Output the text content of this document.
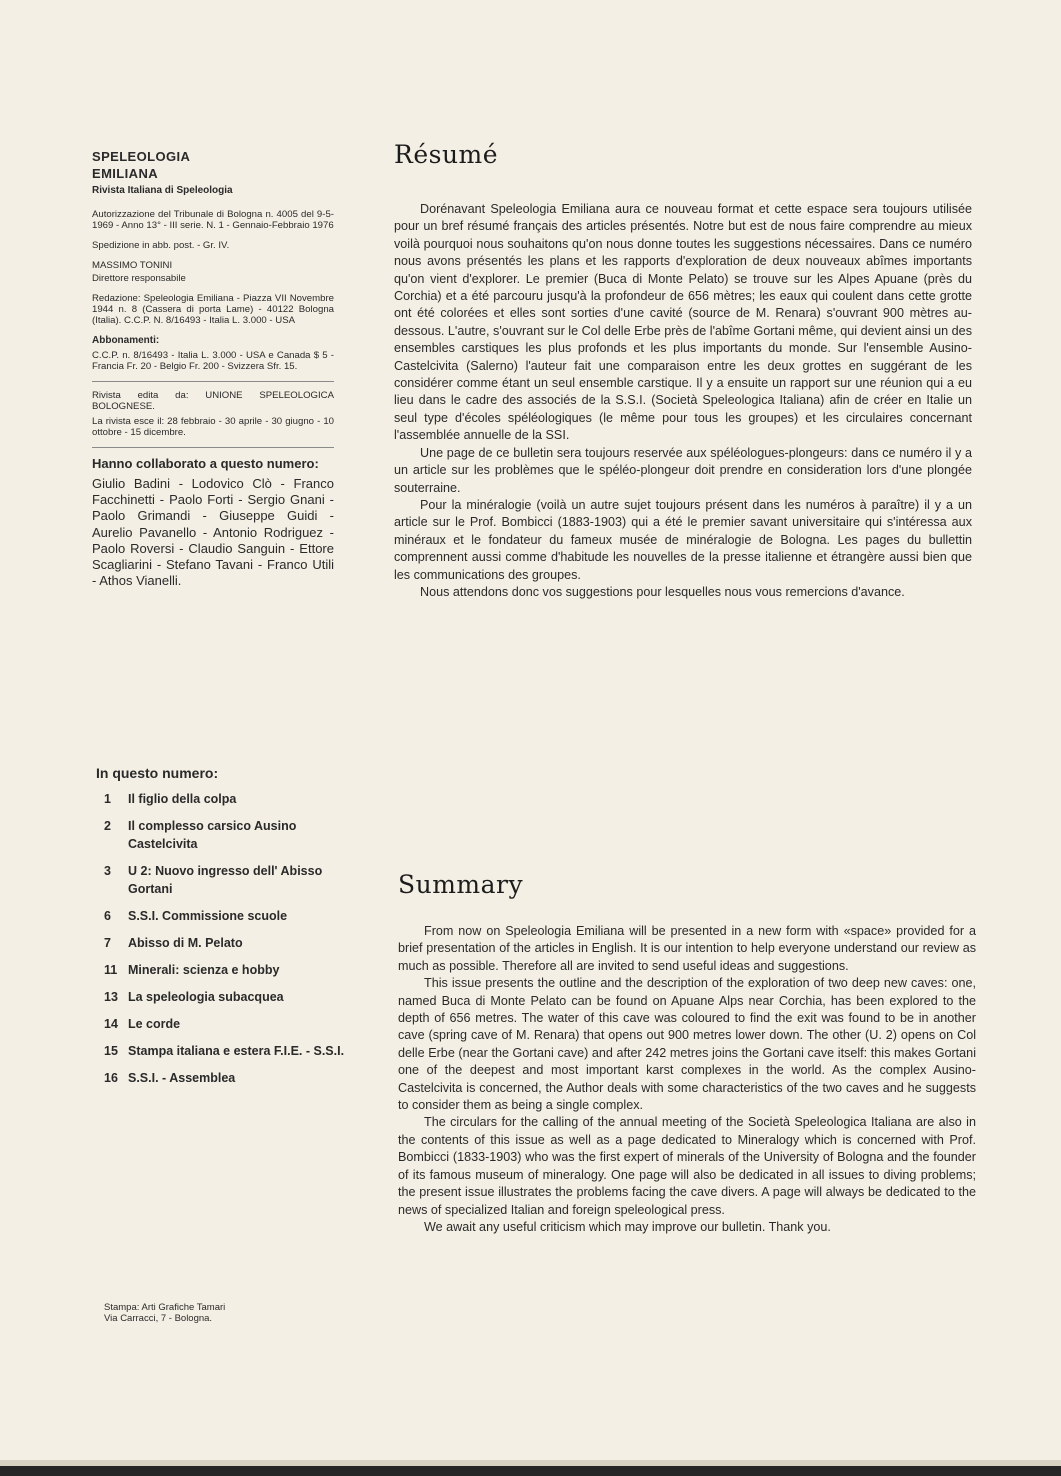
SPELEOLOGIA

EMILIANA

Rivista Italiana di Speleologia

Autorizzazione del Tribunale di Bologna n. 4005 del 9-5-1969 - Anno 13° - III serie. N. 1 - Gennaio-Febbraio 1976

Spedizione in abb. post. - Gr. IV.

MASSIMO TONINI

Direttore responsabile

Redazione: Speleologia Emiliana - Piazza VII Novembre 1944 n. 8 (Cassera di porta Lame) - 40122 Bologna (Italia). C.C.P. N. 8/16493 - Italia L. 3.000 - USA

Abbonamenti:

C.C.P. n. 8/16493 - Italia L. 3.000 - USA e Canada $ 5 - Francia Fr. 20 - Belgio Fr. 200 - Svizzera Sfr. 15.

Rivista edita da: UNIONE SPELEOLOGICA BOLOGNESE.

La rivista esce il: 28 febbraio - 30 aprile - 30 giugno - 10 ottobre - 15 dicembre.

Hanno collaborato a questo numero:

Giulio Badini - Lodovico Clò - Franco Facchinetti - Paolo Forti - Sergio Gnani - Paolo Grimandi - Giuseppe Guidi - Aurelio Pavanello - Antonio Rodriguez - Paolo Roversi - Claudio Sanguin - Ettore Scagliarini - Stefano Tavani - Franco Utili - Athos Vianelli.

In questo numero:

1	Il figlio della colpa
2	Il complesso carsico Ausino Castelcivita
3	U 2: Nuovo ingresso dell' Abisso Gortani
6	S.S.I. Commissione scuole
7	Abisso di M. Pelato
11 Minerali: scienza e hobby
13 La speleologia subacquea
14 Le corde
15 Stampa italiana e estera F.I.E. - S.S.I.
16 S.S.I. - Assemblea
Stampa: Arti Grafiche Tamari
Via Carracci, 7 - Bologna.
Résumé

Dorénavant Speleologia Emiliana aura ce nouveau format et cette espace sera toujours utilisée pour un bref résumé français des articles présentés. Notre but est de nous faire comprendre au mieux voilà pourquoi nous souhaitons qu'on nous donne toutes les suggestions nécessaires. Dans ce numéro nous avons présentés les plans et les rapports d'exploration de deux nouveaux abîmes importants qu'on vient d'explorer. Le premier (Buca di Monte Pelato) se trouve sur les Alpes Apuane (près du Corchia) et a été parcouru jusqu'à la profondeur de 656 mètres; les eaux qui coulent dans cette grotte ont été colorées et elles sont sorties d'une cavité (source de M. Renara) s'ouvrant 900 mètres au-dessous. L'autre, s'ouvrant sur le Col delle Erbe près de l'abîme Gortani même, qui devient ainsi un des ensembles carstiques les plus profonds et les plus importants du monde. Sur l'ensemble Ausino-Castelcivita (Salerno) l'auteur fait une comparaison entre les deux grottes en suggérant de les considérer comme étant un seul ensemble carstique. Il y a ensuite un rapport sur une réunion qui a eu lieu dans le cadre des associés de la S.S.I. (Società Speleologica Italiana) afin de créer en Italie un seul type d'écoles spéléologiques (le même pour tous les groupes) et les circulaires concernant l'assemblée annuelle de la SSI.

Une page de ce bulletin sera toujours reservée aux spéléologues-plongeurs: dans ce numéro il y a un article sur les problèmes que le spéléo-plongeur doit prendre en consideration lors d'une plongée souterraine.

Pour la minéralogie (voilà un autre sujet toujours présent dans les numéros à paraître) il y a un article sur le Prof. Bombicci (1883-1903) qui a été le premier savant universitaire qui s'intéressa aux minéraux et le fondateur du fameux musée de minéralogie de Bologna. Les pages du bullettin comprennent aussi comme d'habitude les nouvelles de la presse italienne et étrangère aussi bien que les communications des groupes.

Nous attendons donc vos suggestions pour lesquelles nous vous remercions d'avance.

Summary

From now on Speleologia Emiliana will be presented in a new form with «space» provided for a brief presentation of the articles in English. It is our intention to help everyone understand our review as much as possible. Therefore all are invited to send useful ideas and suggestions.

This issue presents the outline and the description of the exploration of two deep new caves: one, named Buca di Monte Pelato can be found on Apuane Alps near Corchia, has been explored to the depth of 656 metres. The water of this cave was coloured to find the exit was found to be in another cave (spring cave of M. Renara) that opens out 900 metres lower down. The other (U. 2) opens on Col delle Erbe (near the Gortani cave) and after 242 metres joins the Gortani cave itself: this makes Gortani one of the deepest and most important karst complexes in the world. As the complex Ausino-Castelcivita is concerned, the Author deals with some characteristics of the two caves and he suggests to consider them as being a single complex.

The circulars for the calling of the annual meeting of the Società Speleologica Italiana are also in the contents of this issue as well as a page dedicated to Mineralogy which is concerned with Prof. Bombicci (1833-1903) who was the first expert of minerals of the University of Bologna and the founder of its famous museum of mineralogy. One page will also be dedicated in all issues to diving problems; the present issue illustrates the problems facing the cave divers. A page will always be dedicated to the news of specialized Italian and foreign speleological press.

We await any useful criticism which may improve our bulletin. Thank you.
